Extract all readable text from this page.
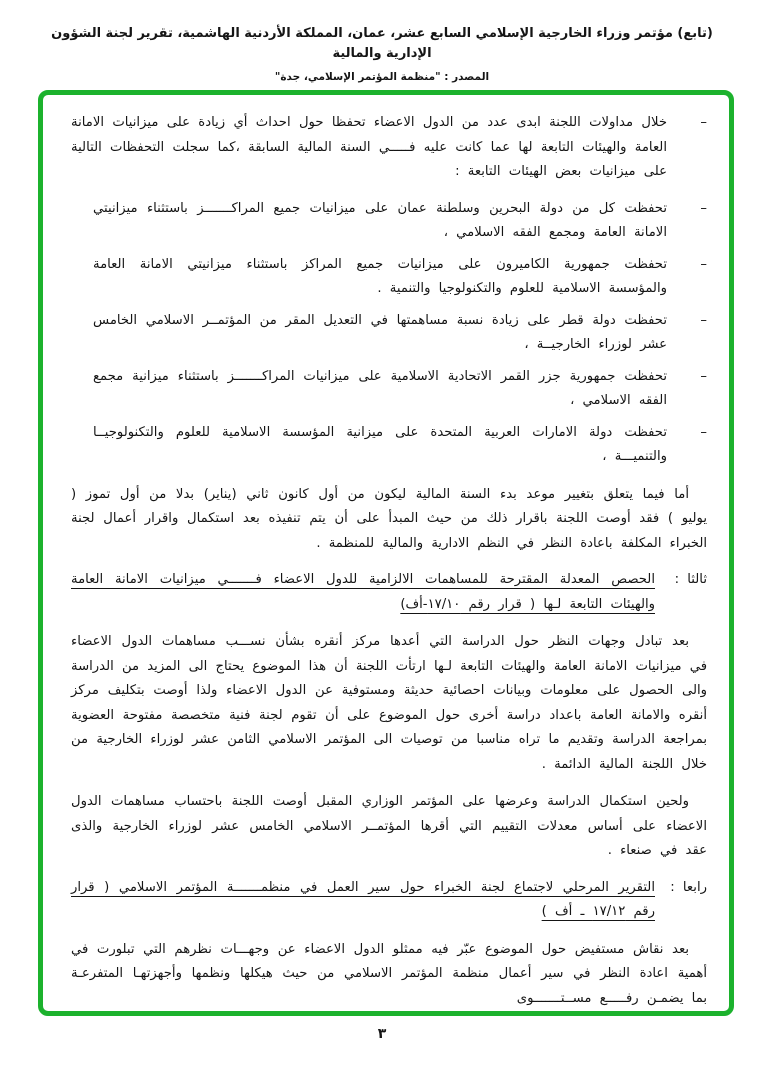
(تابع) مؤتمر وزراء الخارجية الإسلامي السابع عشر، عمان، المملكة الأردنية الهاشمية، تقرير لجنة الشؤون الإدارية والمالية
المصدر : "منظمة المؤتمر الإسلامي، جدة"
–

خلال مداولات اللجنة ابدى عدد من الدول الاعضاء تحفظا حول احداث أي زيادة على ميزانيات الامانة العامة والهيئات التابعة لها عما كانت عليه فـــــي السنة المالية السابقة ،كما سجلت التحفظات التالية على ميزانيات بعض الهيئات التابعة :

–

تحفظت كل من دولة البحرين وسلطنة عمان على ميزانيات جميع المراكـــــــز باستثناء ميزانيتي الامانة العامة ومجمع الفقه الاسلامي ،

–

تحفظت جمهورية الكاميرون على ميزانيات جميع المراكز باستثناء ميزانيتي الامانة العامة والمؤسسة الاسلامية للعلوم والتكنولوجيا والتنمية .

–

تحفظت دولة قطر على زيادة نسبة مساهمتها في التعديل المقر من المؤتمــر الاسلامي الخامس عشر لوزراء الخارجيــة ،

–

تحفظت جمهورية جزر القمر الاتحادية الاسلامية على ميزانيات المراكـــــــز باستثناء ميزانية مجمع الفقه الاسلامي ،

–

تحفظت دولة الامارات العربية المتحدة على ميزانية المؤسسة الاسلامية للعلوم والتكنولوجيــا والتنميـــة ،

أما فيما يتعلق بتغيير موعد بدء السنة المالية ليكون من أول كانون ثاني (يناير) بدلا من أول تموز ( يوليو ) فقد أوصت اللجنة باقرار ذلك من حيث المبدأ على أن يتم تنفيذه بعد استكمال واقرار أعمال لجنة الخبراء المكلفة باعادة النظر في النظم الادارية والمالية للمنظمة .

ثالثا :
الحصص المعدلة المقترحة للمساهمات الالزامية للدول الاعضاء فـــــــي ميزانيات الامانة العامة والهيئات التابعة لـها ( قرار رقم ١٧/١٠-أف)

بعد تبادل وجهات النظر حول الدراسة التي أعدها مركز أنقره بشأن نســـب مساهمات الدول الاعضاء في ميزانيات الامانة العامة والهيئات التابعة لـها ارتأت اللجنة أن هذا الموضوع يحتاج الى المزيد من الدراسة والى الحصول على معلومات وبيانات احصائية حديثة ومستوفية عن الدول الاعضاء ولذا أوصت بتكليف مركز أنقره والامانة العامة باعداد دراسة أخرى حول الموضوع على أن تقوم لجنة فنية متخصصة مفتوحة العضوية بمراجعة الدراسة وتقديم ما تراه مناسبا من توصيات الى المؤتمر الاسلامي الثامن عشر لوزراء الخارجية من خلال اللجنة المالية الدائمة .

ولحين استكمال الدراسة وعرضها على المؤتمر الوزاري المقبل أوصت اللجنة باحتساب مساهمات الدول الاعضاء على أساس معدلات التقييم التي أقرها المؤتمــر الاسلامي الخامس عشر لوزراء الخارجية والذى عقد في صنعاء .

رابعا :
التقرير المرحلي لاجتماع لجنة الخبراء حول سير العمل في منظمـــــــة المؤتمر الاسلامي ( قرار رقم ١٧/١٢ ـ أف )

بعد نقاش مستفيض حول الموضوع عبّر فيه ممثلو الدول الاعضاء عن وجهـــات نظرهم التي تبلورت في أهمية اعادة النظر في سير أعمال منظمة المؤتمر الاسلامي من حيث هيكلها ونظمها وأجهزتهـا المتفرعـة بما يضمـن رفـــــع مســتـــــــوى

٣
